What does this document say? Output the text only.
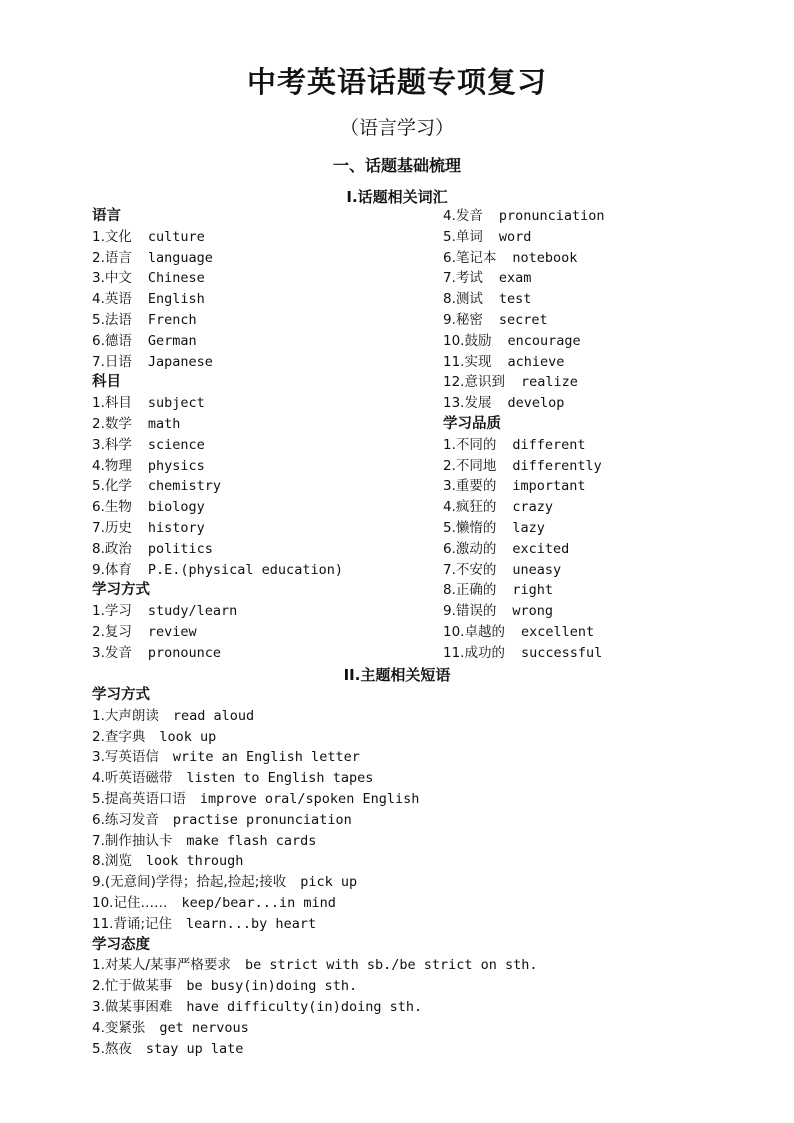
中考英语话题专项复习
（语言学习）
一、话题基础梳理
I.话题相关词汇
语言
1.文化 culture
2.语言 language
3.中文 Chinese
4.英语 English
5.法语 French
6.德语 German
7.日语 Japanese
科目
1.科目 subject
2.数学 math
3.科学 science
4.物理 physics
5.化学 chemistry
6.生物 biology
7.历史 history
8.政治 politics
9.体育 P.E.(physical education)
学习方式
1.学习 study/learn
2.复习 review
3.发音 pronounce
4.发音 pronunciation
5.单词 word
6.笔记本 notebook
7.考试 exam
8.测试 test
9.秘密 secret
10.鼓励 encourage
11.实现 achieve
12.意识到 realize
13.发展 develop
学习品质
1.不同的 different
2.不同地 differently
3.重要的 important
4.疯狂的 crazy
5.懒惰的 lazy
6.激动的 excited
7.不安的 uneasy
8.正确的 right
9.错误的 wrong
10.卓越的 excellent
11.成功的 successful
II.主题相关短语
学习方式
1.大声朗读 read aloud
2.查字典 look up
3.写英语信 write an English letter
4.听英语磁带 listen to English tapes
5.提高英语口语 improve oral/spoken English
6.练习发音 practise pronunciation
7.制作抽认卡 make flash cards
8.浏览 look through
9.(无意间)学得；拾起,捡起;接收 pick up
10.记住…… keep/bear...in mind
11.背诵;记住 learn...by heart
学习态度
1.对某人/某事严格要求 be strict with sb./be strict on sth.
2.忙于做某事 be busy(in)doing sth.
3.做某事困难 have difficulty(in)doing sth.
4.变紧张 get nervous
5.熬夜 stay up late
